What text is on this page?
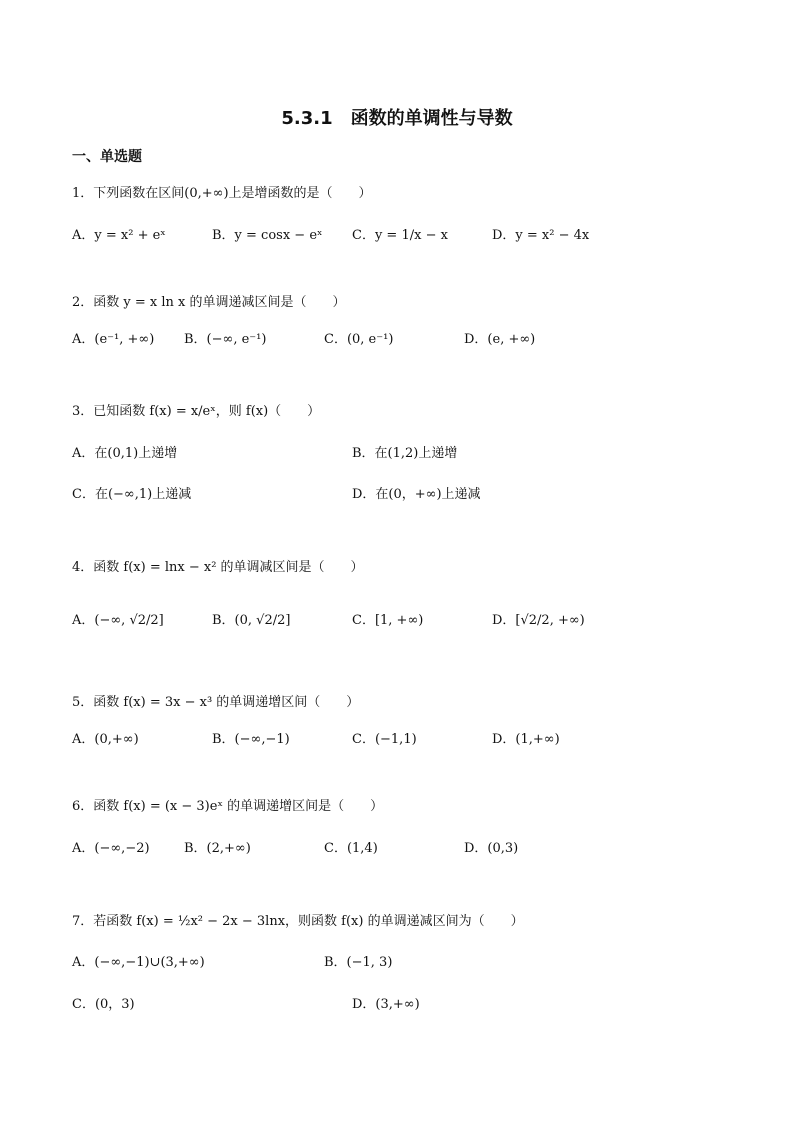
5.3.1　函数的单调性与导数
一、单选题
1．下列函数在区间(0,+∞)上是增函数的是（　　）
A．y = x² + eˣ	B．y = cosx − eˣ C．y = 1/x − x	D．y = x² − 4x
2．函数 y = x ln x 的单调递减区间是（　　）
A．(e⁻¹, +∞) B．(−∞, e⁻¹)	C．(0, e⁻¹)	D．(e, +∞)
3．已知函数 f(x) = x/eˣ，则 f(x)（　　）
A．在(0,1)上递增	B．在(1,2)上递增
C．在(−∞,1)上递减	D．在(0，+∞)上递减
4．函数 f(x) = lnx − x² 的单调减区间是（　　）
A．(−∞, √2/2]	B．(0, √2/2]	C．[1, +∞)	D．[√2/2, +∞)
5．函数 f(x) = 3x − x³ 的单调递增区间（　　）
A．(0,+∞)	B．(−∞,−1)	C．(−1,1)	D．(1,+∞)
6．函数 f(x) = (x − 3)eˣ 的单调递增区间是（　　）
A．(−∞,−2)	B．(2,+∞)	C．(1,4)	D．(0,3)
7．若函数 f(x) = ½x² − 2x − 3lnx，则函数 f(x) 的单调递减区间为（　　）
A．(−∞,−1)∪(3,+∞)	B．(−1, 3)
C．(0，3)	D．(3,+∞)
